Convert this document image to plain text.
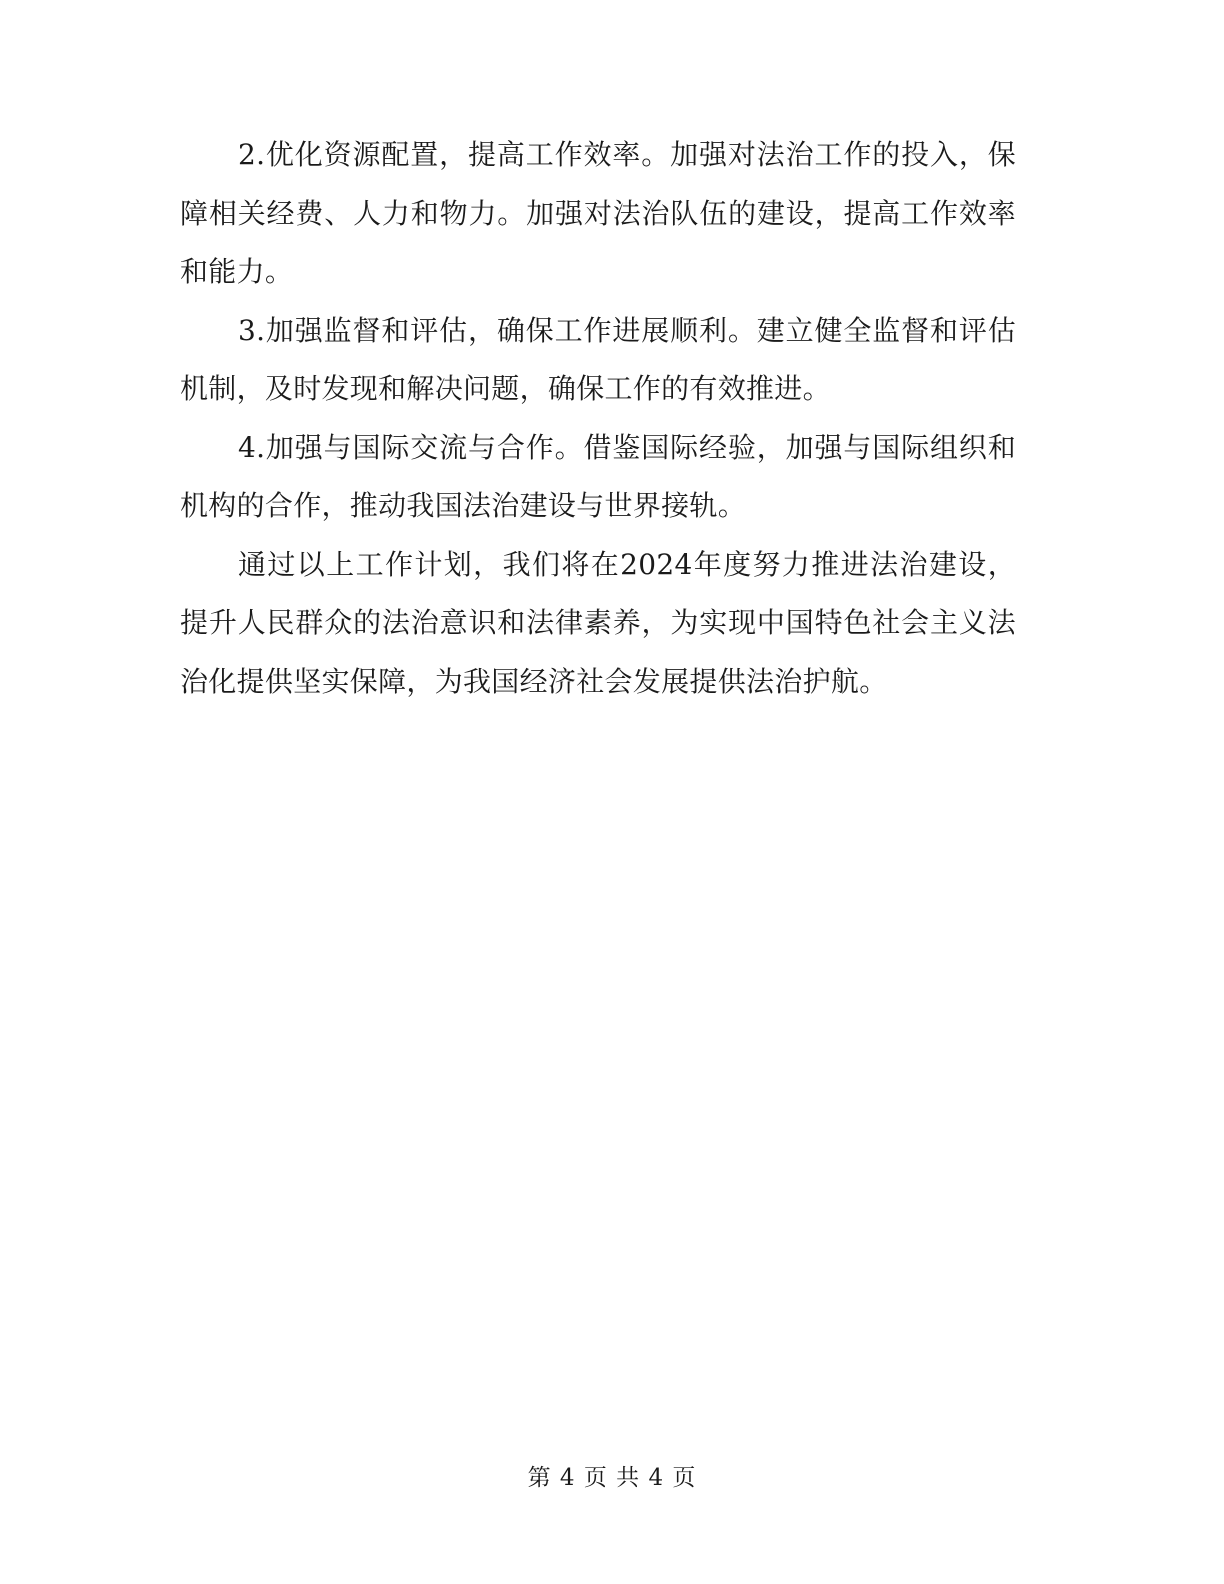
2.优化资源配置，提高工作效率。加强对法治工作的投入，保障相关经费、人力和物力。加强对法治队伍的建设，提高工作效率和能力。

3.加强监督和评估，确保工作进展顺利。建立健全监督和评估机制，及时发现和解决问题，确保工作的有效推进。

4.加强与国际交流与合作。借鉴国际经验，加强与国际组织和机构的合作，推动我国法治建设与世界接轨。

通过以上工作计划，我们将在2024年度努力推进法治建设，提升人民群众的法治意识和法律素养，为实现中国特色社会主义法治化提供坚实保障，为我国经济社会发展提供法治护航。

第 4 页 共 4 页
